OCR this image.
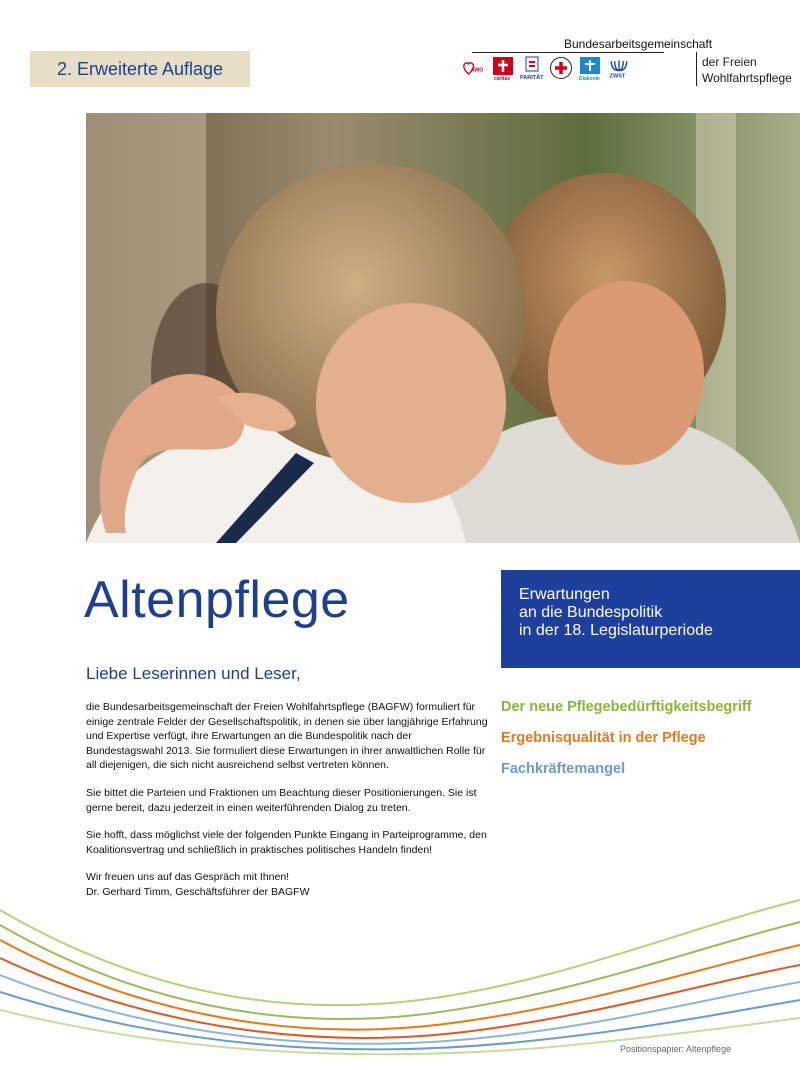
2. Erweiterte Auflage
Bundesarbeitsgemeinschaft
der Freien
Wohlfahrtspflege
AWO
caritas PARITÄT	Diakonie ZWST
Altenpflege	Erwartungen
an die Bundespolitik
in der 18. Legislaturperiode
Liebe Leserinnen und Leser,

die Bundesarbeitsgemeinschaft der Freien Wohlfahrtspflege (BAGFW) formuliert für einige zentrale Felder der Gesellschaftspolitik, in denen sie über langjährige Erfahrung und Expertise verfügt, ihre Erwartungen an die Bundespolitik nach der Bundestagswahl 2013. Sie formuliert diese Erwartungen in ihrer anwaltlichen Rolle für all diejenigen, die sich nicht ausreichend selbst vertreten können.

Sie bittet die Parteien und Fraktionen um Beachtung dieser Positionierungen. Sie ist gerne bereit, dazu jederzeit in einen weiterführenden Dialog zu treten.

Sie hofft, dass möglichst viele der folgenden Punkte Eingang in Parteiprogramme, den Koalitionsvertrag und schließlich in praktisches politisches Handeln finden!

Wir freuen uns auf das Gespräch mit Ihnen!
Dr. Gerhard Timm, Geschäftsführer der BAGFW

Der neue Pflegebedürftigkeitsbegriff
Ergebnisqualität in der Pflege
Fachkräftemangel
Positionspapier: Altenpflege
